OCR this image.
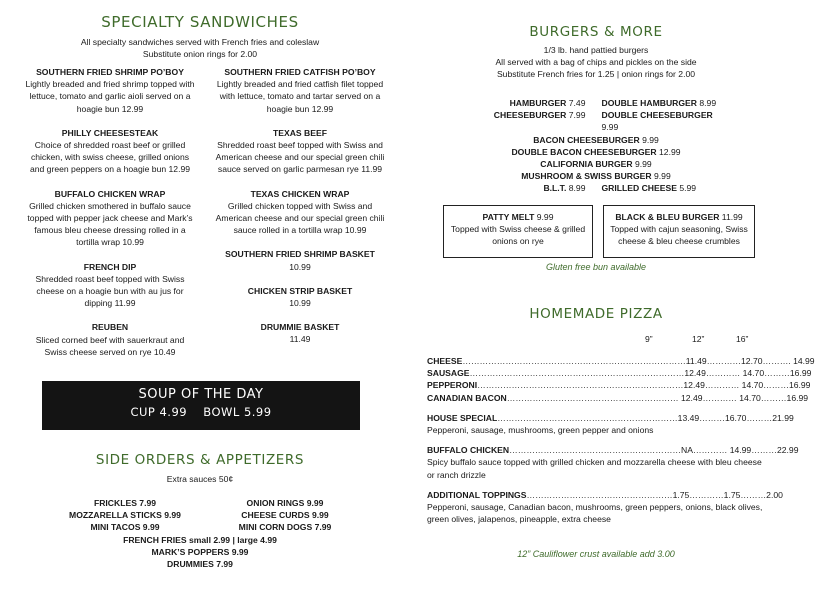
SPECIALTY SANDWICHES
All specialty sandwiches served with French fries and coleslaw
Substitute onion rings for 2.00
SOUTHERN FRIED SHRIMP PO’BOY
Lightly breaded and fried shrimp topped with lettuce, tomato and garlic aioli served on a hoagie bun 12.99
PHILLY CHEESESTEAK
Choice of shredded roast beef or grilled chicken, with swiss cheese, grilled onions and green peppers on a hoagie bun 12.99
BUFFALO CHICKEN WRAP
Grilled chicken smothered in buffalo sauce topped with pepper jack cheese and Mark’s famous bleu cheese dressing rolled in a tortilla wrap 10.99
FRENCH DIP
Shredded roast beef topped with Swiss cheese on a hoagie bun with au jus for dipping 11.99
REUBEN
Sliced corned beef with sauerkraut and Swiss cheese served on rye 10.49
SOUTHERN FRIED CATFISH PO’BOY
Lightly breaded and fried catfish filet topped with lettuce, tomato and tartar served on a hoagie bun 12.99
TEXAS BEEF
Shredded roast beef topped with Swiss and American cheese and our special green chili sauce served on garlic parmesan rye 11.99
TEXAS CHICKEN WRAP
Grilled chicken topped with Swiss and American cheese and our special green chili sauce rolled in a tortilla wrap 10.99
SOUTHERN FRIED SHRIMP BASKET
10.99
CHICKEN STRIP BASKET
10.99
DRUMMIE BASKET
11.49
SOUP OF THE DAY
CUP 4.99 BOWL 5.99
SIDE ORDERS & APPETIZERS
Extra sauces 50¢
FRICKLES 7.99	ONION RINGS 9.99
MOZZARELLA STICKS 9.99	CHEESE CURDS 9.99
MINI TACOS 9.99	MINI CORN DOGS 7.99
FRENCH FRIES small 2.99 | large 4.99
MARK’S POPPERS 9.99
DRUMMIES 7.99
BURGERS & MORE
1/3 lb. hand pattied burgers
All served with a bag of chips and pickles on the side
Substitute French fries for 1.25 | onion rings for 2.00
HAMBURGER 7.49	DOUBLE HAMBURGER 8.99
CHEESEBURGER 7.99	DOUBLE CHEESEBURGER 9.99
BACON CHEESEBURGER 9.99
DOUBLE BACON CHEESEBURGER 12.99
CALIFORNIA BURGER 9.99
MUSHROOM & SWISS BURGER 9.99
B.L.T. 8.99	GRILLED CHEESE 5.99
PATTY MELT 9.99
Topped with Swiss cheese & grilled onions on rye
BLACK & BLEU BURGER 11.99
Topped with cajun seasoning, Swiss cheese & bleu cheese crumbles
Gluten free bun available
HOMEMADE PIZZA
9”	12”	16”
CHEESE……………………………………………………………………11.49…………12.70………. 14.99
SAUSAGE…………………………………………………………………12.49………… 14.70………16.99
PEPPERONI………………………………………………………………12.49………… 14.70………16.99
CANADIAN BACON…………………………………………………… 12.49………… 14.70………16.99
HOUSE SPECIAL………………………………………………………13.49………16.70………21.99
Pepperoni, sausage, mushrooms, green pepper and onions
BUFFALO CHICKEN……………………………………………………NA………… 14.99………22.99
Spicy buffalo sauce topped with grilled chicken and mozzarella cheese with bleu cheese or ranch drizzle
ADDITIONAL TOPPINGS……………………………………………1.75…………1.75………2.00
Pepperoni, sausage, Canadian bacon, mushrooms, green peppers, onions, black olives, green olives, jalapenos, pineapple, extra cheese
12” Cauliflower crust available add 3.00
